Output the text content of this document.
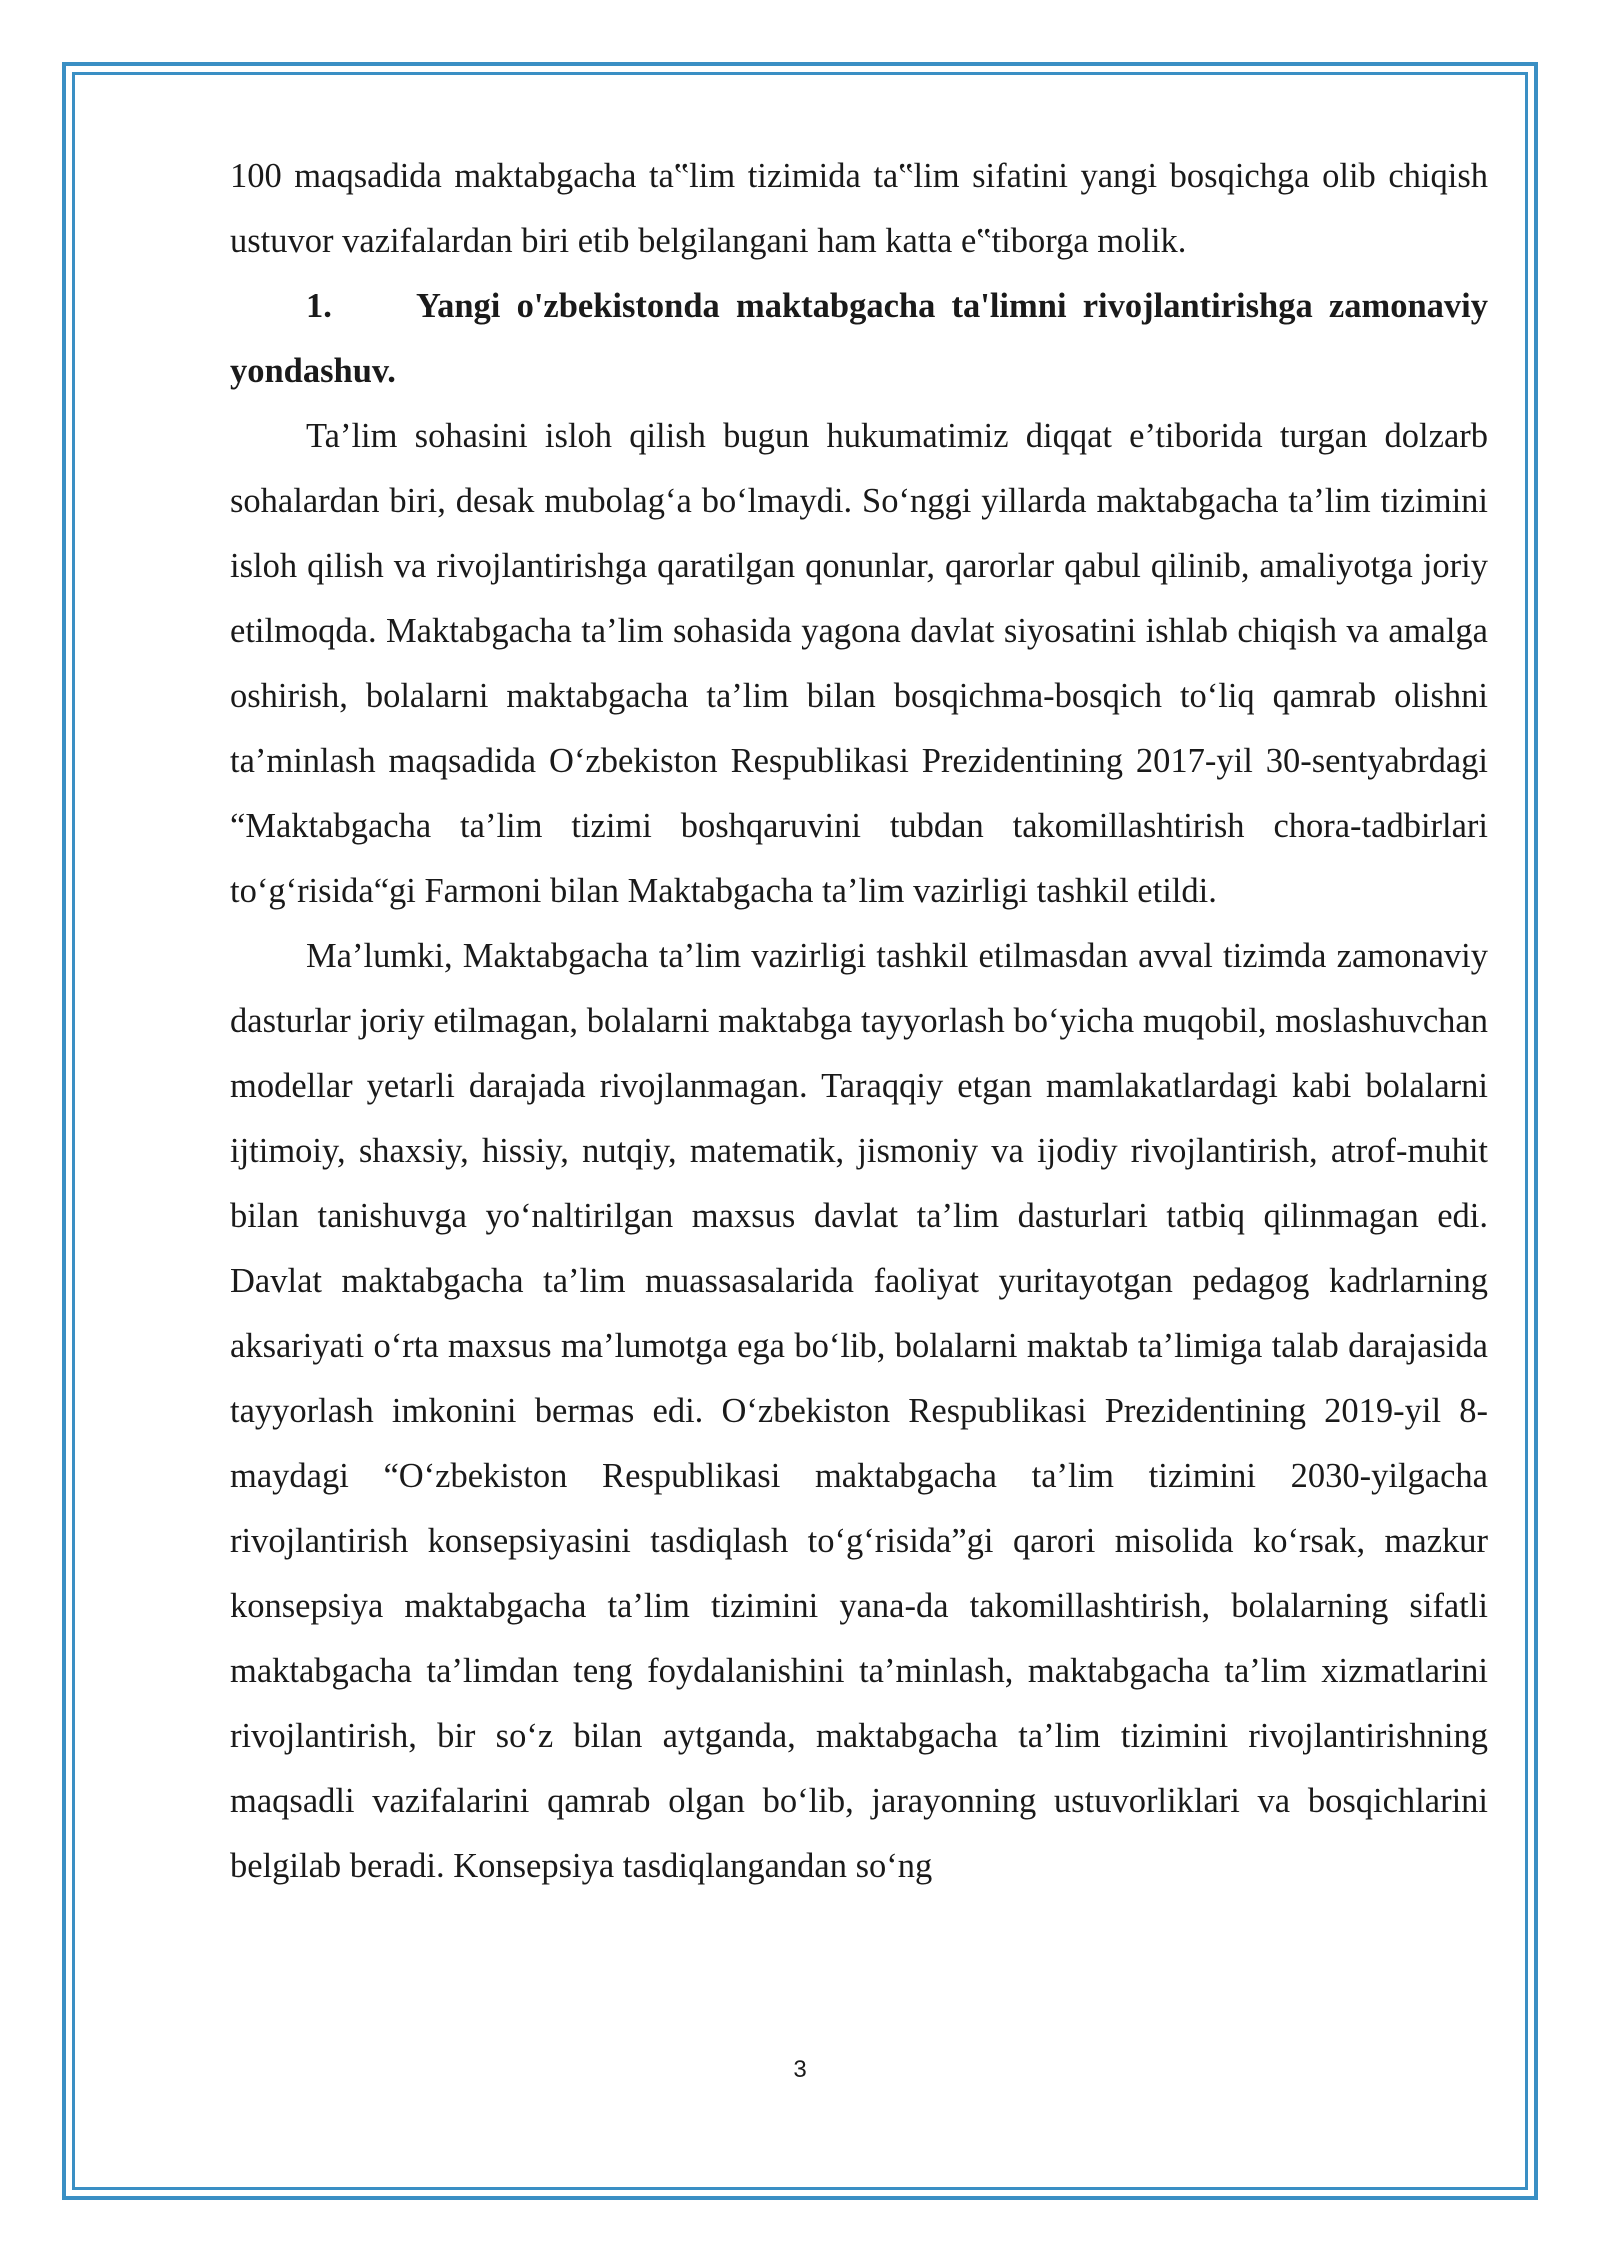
100 maqsadida maktabgacha ta‟lim tizimida ta‟lim sifatini yangi bosqichga olib chiqish ustuvor vazifalardan biri etib belgilangani ham katta e‟tiborga molik.

1. Yangi o'zbekistonda maktabgacha ta'limni rivojlantirishga zamonaviy yondashuv.

Ta’lim sohasini isloh qilish bugun hukumatimiz diqqat e’tiborida turgan dolzarb sohalardan biri, desak mubolag‘a bo‘lmaydi. So‘nggi yillarda maktabgacha ta’lim tizimini isloh qilish va rivojlantirishga qaratilgan qonunlar, qarorlar qabul qilinib, amaliyotga joriy etilmoqda. Maktabgacha ta’lim sohasida yagona davlat siyosatini ishlab chiqish va amalga oshirish, bolalarni maktabgacha ta’lim bilan bosqichma-bosqich to‘liq qamrab olishni ta’minlash maqsadida O‘zbekiston Respublikasi Prezidentining 2017-yil 30-sentyabrdagi “Maktabgacha ta’lim tizimi boshqaruvini tubdan takomillashtirish chora-tadbirlari to‘g‘risida“gi Farmoni bilan Maktabgacha ta’lim vazirligi tashkil etildi.

Ma’lumki, Maktabgacha ta’lim vazirligi tashkil etilmasdan avval tizimda zamonaviy dasturlar joriy etilmagan, bolalarni maktabga tayyorlash bo‘yicha muqobil, moslashuvchan modellar yetarli darajada rivojlanmagan. Taraqqiy etgan mamlakatlardagi kabi bolalarni ijtimoiy, shaxsiy, hissiy, nutqiy, matematik, jismoniy va ijodiy rivojlantirish, atrof-muhit bilan tanishuvga yo‘naltirilgan maxsus davlat ta’lim dasturlari tatbiq qilinmagan edi. Davlat maktabgacha ta’lim muassasalarida faoliyat yuritayotgan pedagog kadrlarning aksariyati o‘rta maxsus ma’lumotga ega bo‘lib, bolalarni maktab ta’limiga talab darajasida tayyorlash imkonini bermas edi. O‘zbekiston Respublikasi Prezidentining 2019-yil 8-maydagi “O‘zbekiston Respublikasi maktabgacha ta’lim tizimini 2030-yilgacha rivojlantirish konsepsiyasini tasdiqlash to‘g‘risida”gi qarori misolida ko‘rsak, mazkur konsepsiya maktabgacha ta’lim tizimini yana-da takomillashtirish, bolalarning sifatli maktabgacha ta’limdan teng foydalanishini ta’minlash, maktabgacha ta’lim xizmatlarini rivojlantirish, bir so‘z bilan aytganda, maktabgacha ta’lim tizimini rivojlantirishning maqsadli vazifalarini qamrab olgan bo‘lib, jarayonning ustuvorliklari va bosqichlarini belgilab beradi. Konsepsiya tasdiqlangandan so‘ng

3
